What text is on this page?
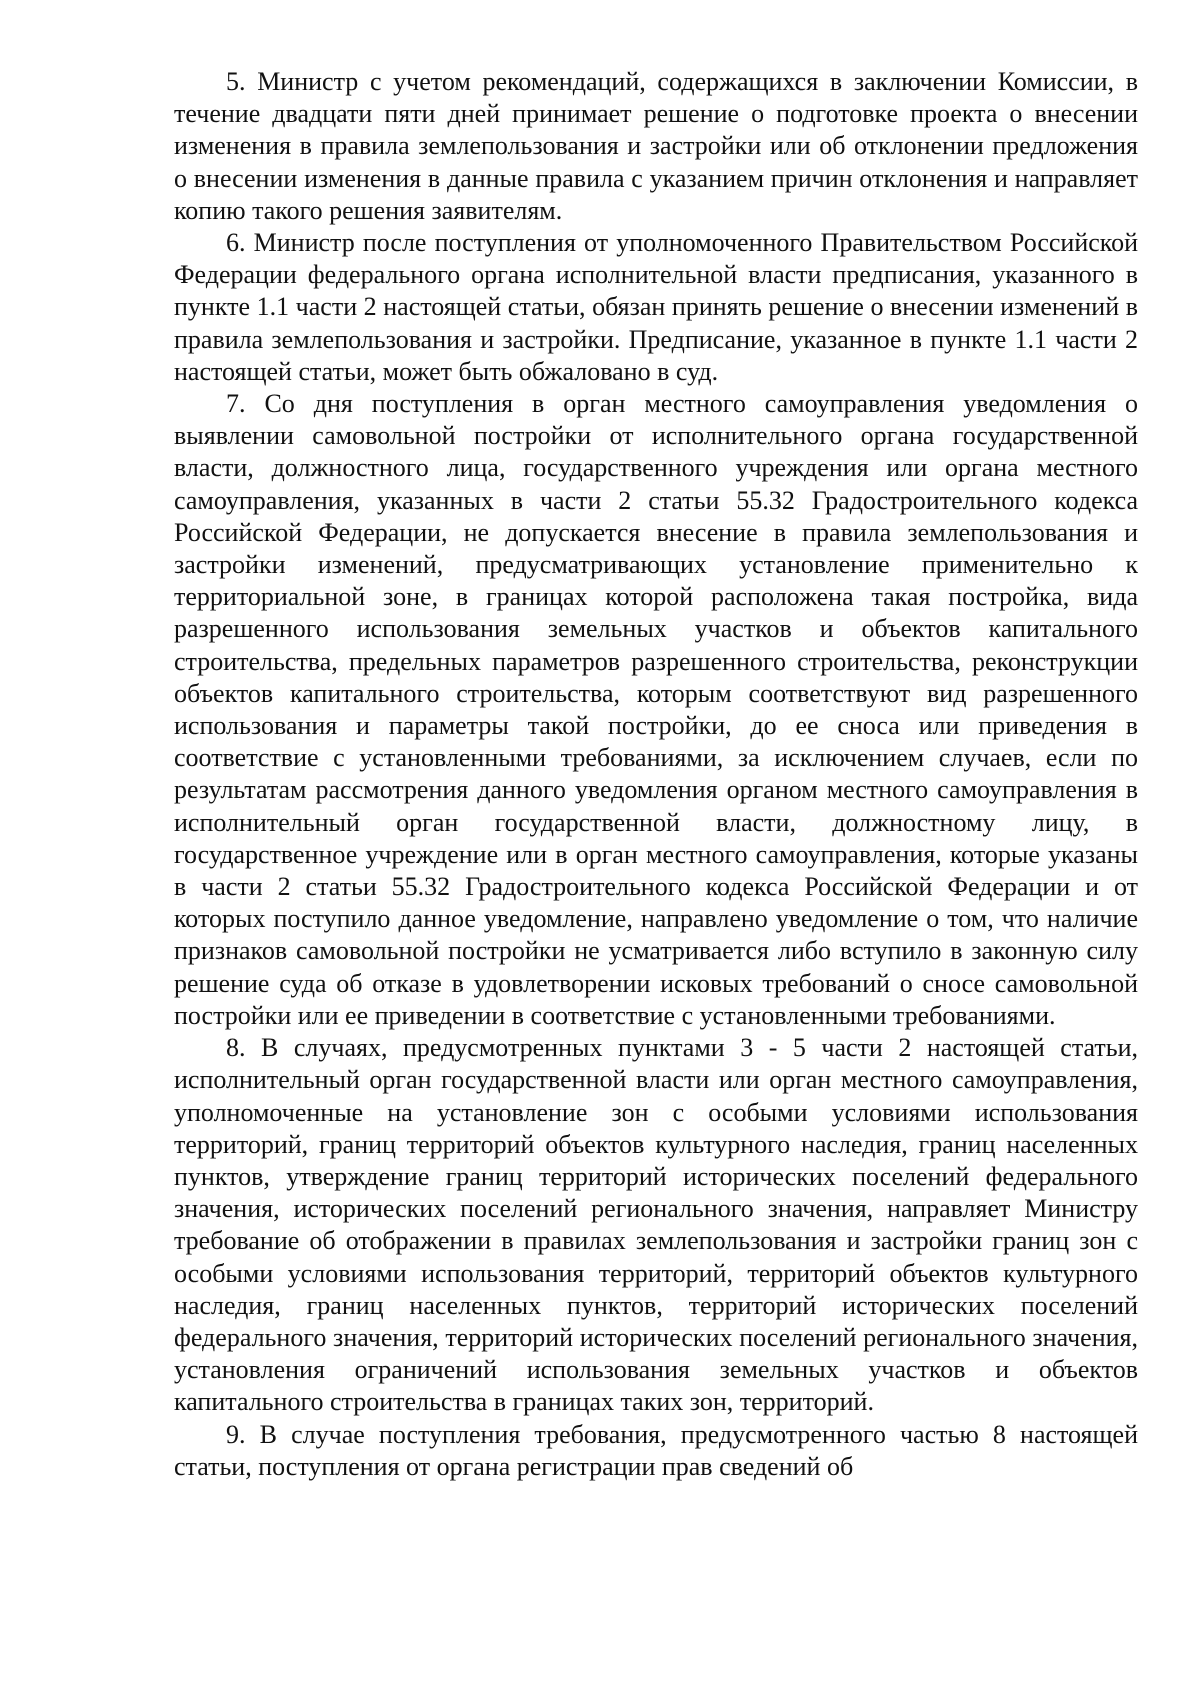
5. Министр с учетом рекомендаций, содержащихся в заключении Комиссии, в течение двадцати пяти дней принимает решение о подготовке проекта о внесении изменения в правила землепользования и застройки или об отклонении предложения о внесении изменения в данные правила с указанием причин отклонения и направляет копию такого решения заявителям.

6. Министр после поступления от уполномоченного Правительством Российской Федерации федерального органа исполнительной власти предписания, указанного в пункте 1.1 части 2 настоящей статьи, обязан принять решение о внесении изменений в правила землепользования и застройки. Предписание, указанное в пункте 1.1 части 2 настоящей статьи, может быть обжаловано в суд.

7. Со дня поступления в орган местного самоуправления уведомления о выявлении самовольной постройки от исполнительного органа государственной власти, должностного лица, государственного учреждения или органа местного самоуправления, указанных в части 2 статьи 55.32 Градостроительного кодекса Российской Федерации, не допускается внесение в правила землепользования и застройки изменений, предусматривающих установление применительно к территориальной зоне, в границах которой расположена такая постройка, вида разрешенного использования земельных участков и объектов капитального строительства, предельных параметров разрешенного строительства, реконструкции объектов капитального строительства, которым соответствуют вид разрешенного использования и параметры такой постройки, до ее сноса или приведения в соответствие с установленными требованиями, за исключением случаев, если по результатам рассмотрения данного уведомления органом местного самоуправления в исполнительный орган государственной власти, должностному лицу, в государственное учреждение или в орган местного самоуправления, которые указаны в части 2 статьи 55.32 Градостроительного кодекса Российской Федерации и от которых поступило данное уведомление, направлено уведомление о том, что наличие признаков самовольной постройки не усматривается либо вступило в законную силу решение суда об отказе в удовлетворении исковых требований о сносе самовольной постройки или ее приведении в соответствие с установленными требованиями.

8. В случаях, предусмотренных пунктами 3 - 5 части 2 настоящей статьи, исполнительный орган государственной власти или орган местного самоуправления, уполномоченные на установление зон с особыми условиями использования территорий, границ территорий объектов культурного наследия, границ населенных пунктов, утверждение границ территорий исторических поселений федерального значения, исторических поселений регионального значения, направляет Министру требование об отображении в правилах землепользования и застройки границ зон с особыми условиями использования территорий, территорий объектов культурного наследия, границ населенных пунктов, территорий исторических поселений федерального значения, территорий исторических поселений регионального значения, установления ограничений использования земельных участков и объектов капитального строительства в границах таких зон, территорий.

9. В случае поступления требования, предусмотренного частью 8 настоящей статьи, поступления от органа регистрации прав сведений об
